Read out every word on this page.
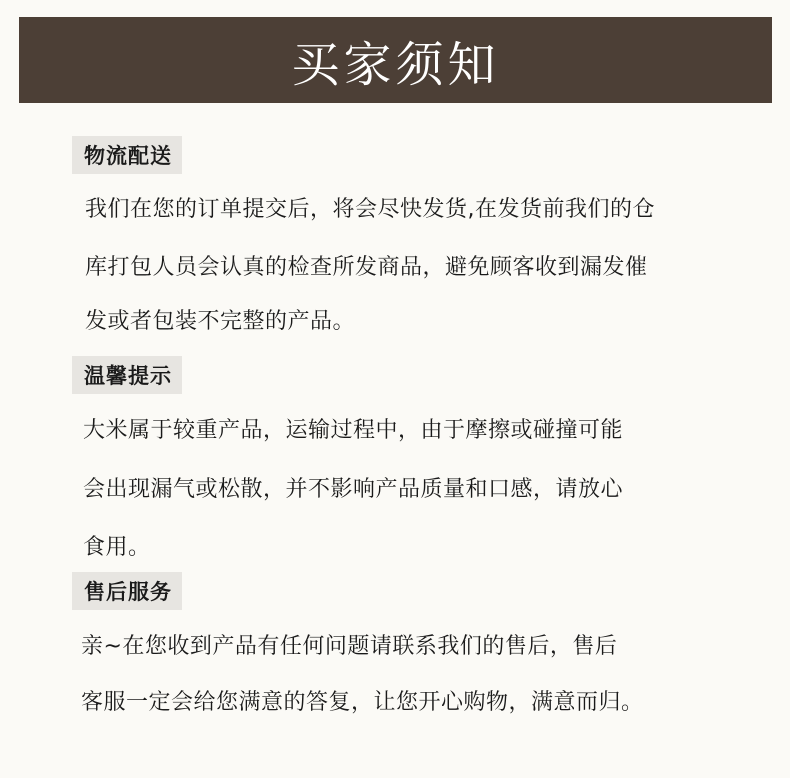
买家须知
物流配送
我们在您的订单提交后，将会尽快发货,在发货前我们的仓
库打包人员会认真的检查所发商品，避免顾客收到漏发催
发或者包装不完整的产品。
温馨提示
大米属于较重产品，运输过程中，由于摩擦或碰撞可能
会出现漏气或松散，并不影响产品质量和口感，请放心
食用。
售后服务
亲~在您收到产品有任何问题请联系我们的售后，售后
客服一定会给您满意的答复，让您开心购物，满意而归。
